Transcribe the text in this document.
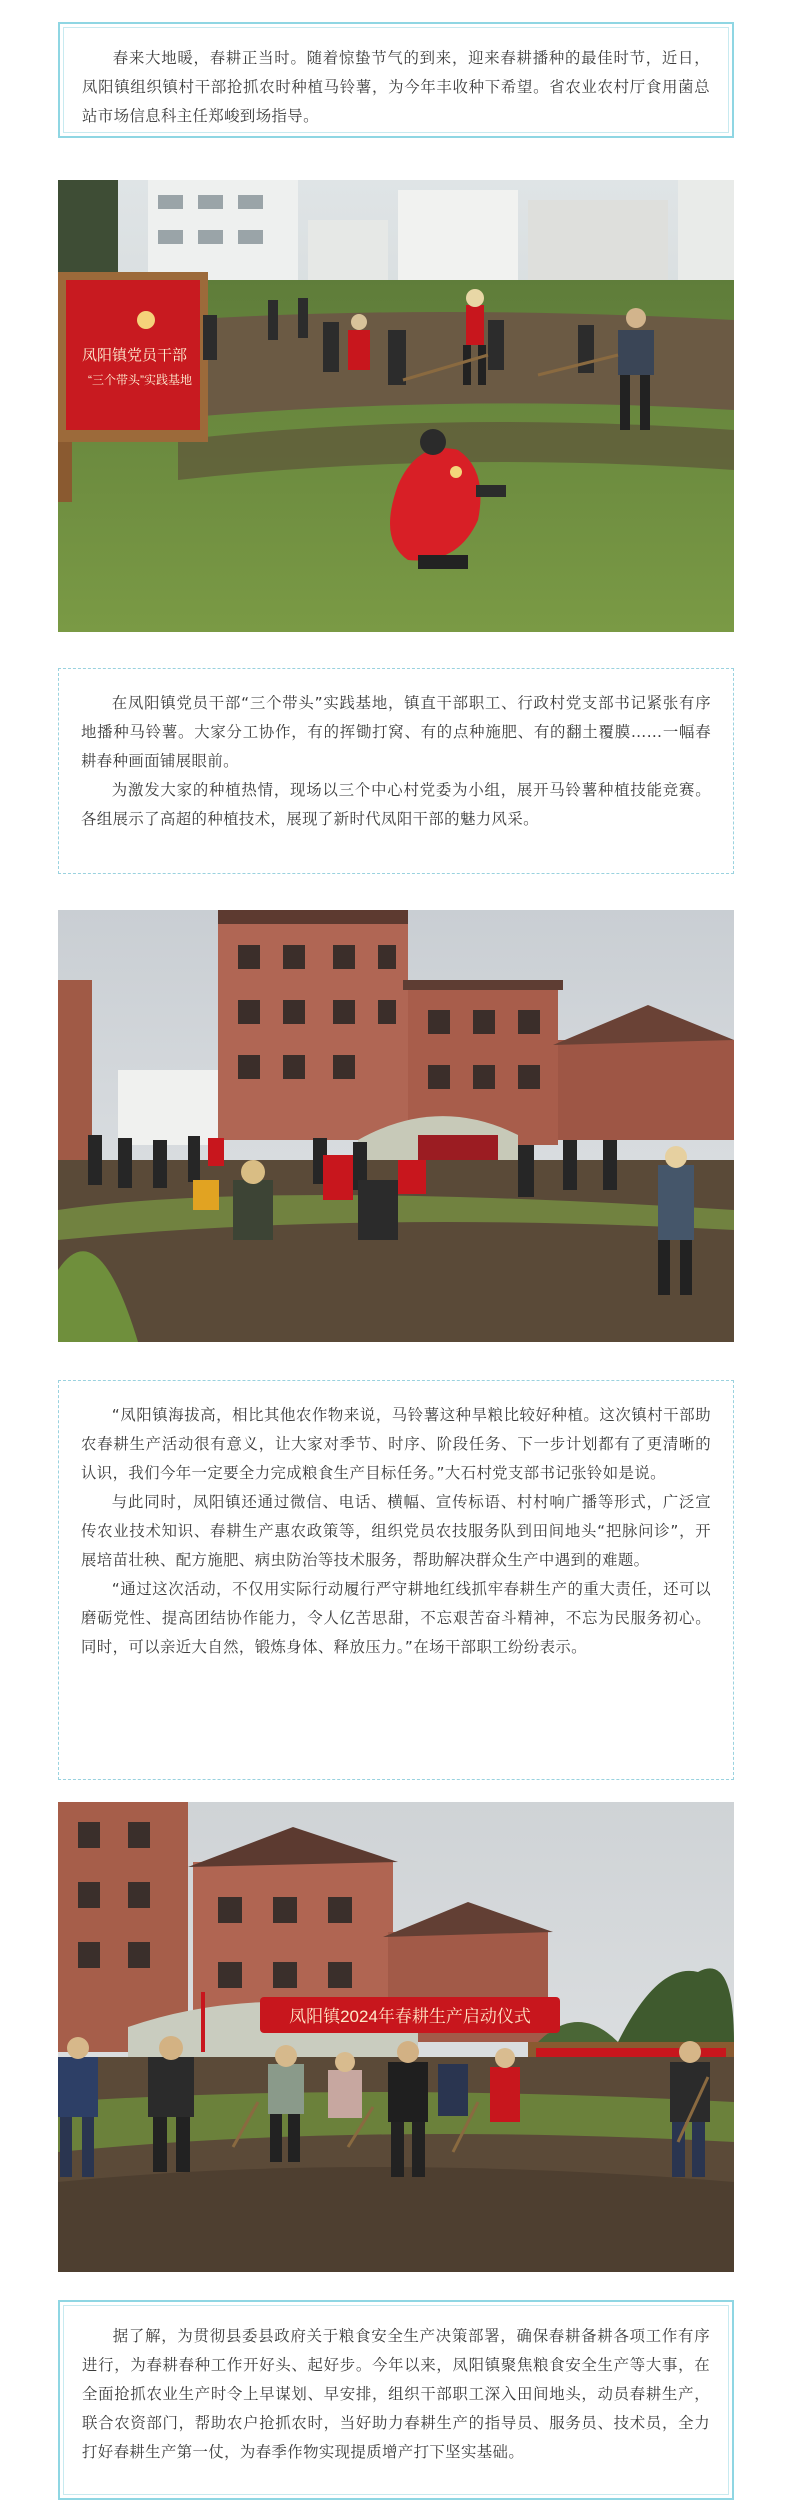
春来大地暖，春耕正当时。随着惊蛰节气的到来，迎来春耕播种的最佳时节，近日，凤阳镇组织镇村干部抢抓农时种植马铃薯，为今年丰收种下希望。省农业农村厅食用菌总站市场信息科主任郑峻到场指导。

凤阳镇党员干部
“三个带头”实践基地

在凤阳镇党员干部“三个带头”实践基地，镇直干部职工、行政村党支部书记紧张有序地播种马铃薯。大家分工协作，有的挥锄打窝、有的点种施肥、有的翻土覆膜……一幅春耕春种画面铺展眼前。

为激发大家的种植热情，现场以三个中心村党委为小组，展开马铃薯种植技能竞赛。各组展示了高超的种植技术，展现了新时代凤阳干部的魅力风采。

“凤阳镇海拔高，相比其他农作物来说，马铃薯这种旱粮比较好种植。这次镇村干部助农春耕生产活动很有意义，让大家对季节、时序、阶段任务、下一步计划都有了更清晰的认识，我们今年一定要全力完成粮食生产目标任务。”大石村党支部书记张铃如是说。

与此同时，凤阳镇还通过微信、电话、横幅、宣传标语、村村响广播等形式，广泛宣传农业技术知识、春耕生产惠农政策等，组织党员农技服务队到田间地头“把脉问诊”，开展培苗壮秧、配方施肥、病虫防治等技术服务，帮助解决群众生产中遇到的难题。

“通过这次活动，不仅用实际行动履行严守耕地红线抓牢春耕生产的重大责任，还可以磨砺党性、提高团结协作能力，令人亿苦思甜，不忘艰苦奋斗精神，不忘为民服务初心。同时，可以亲近大自然，锻炼身体、释放压力。”在场干部职工纷纷表示。

凤阳镇2024年春耕生产启动仪式

据了解，为贯彻县委县政府关于粮食安全生产决策部署，确保春耕备耕各项工作有序进行，为春耕春种工作开好头、起好步。今年以来，凤阳镇聚焦粮食安全生产等大事，在全面抢抓农业生产时令上早谋划、早安排，组织干部职工深入田间地头，动员春耕生产，联合农资部门，帮助农户抢抓农时，当好助力春耕生产的指导员、服务员、技术员，全力打好春耕生产第一仗，为春季作物实现提质增产打下坚实基础。
